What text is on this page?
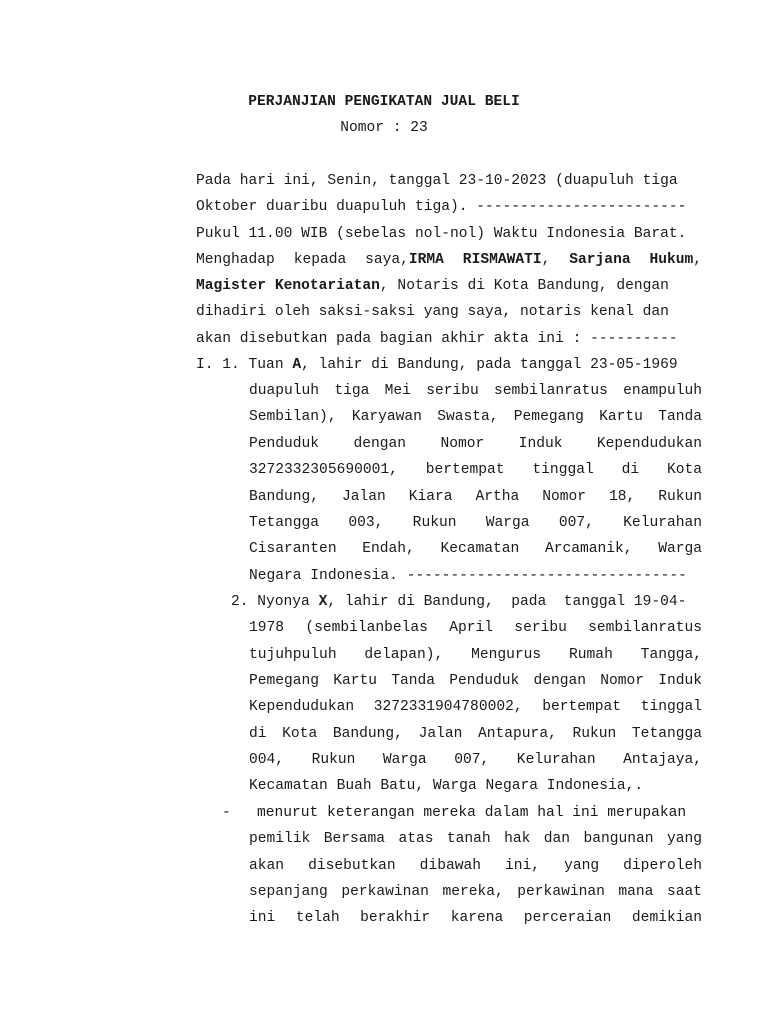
PERJANJIAN PENGIKATAN JUAL BELI
Nomor : 23
Pada hari ini, Senin, tanggal 23-10-2023 (duapuluh tiga
Oktober duaribu duapuluh tiga). ------------------------
Pukul 11.00 WIB (sebelas nol-nol) Waktu Indonesia Barat.
Menghadap kepada saya,IRMA RISMAWATI, Sarjana Hukum,
Magister Kenotariatan, Notaris di Kota Bandung, dengan
dihadiri oleh saksi-saksi yang saya, notaris kenal dan
akan disebutkan pada bagian akhir akta ini : ----------
I. 1. Tuan A, lahir di Bandung, pada tanggal 23-05-1969
duapuluh tiga Mei seribu sembilanratus enampuluh
Sembilan), Karyawan Swasta, Pemegang Kartu Tanda
Penduduk dengan Nomor Induk Kependudukan
3272332305690001, bertempat tinggal di Kota
Bandung, Jalan Kiara Artha Nomor 18, Rukun
Tetangga 003, Rukun Warga 007, Kelurahan
Cisaranten Endah, Kecamatan Arcamanik, Warga
Negara Indonesia. --------------------------------
2. Nyonya X, lahir di Bandung,  pada  tanggal 19-04-
1978 (sembilanbelas April seribu sembilanratus
tujuhpuluh delapan), Mengurus Rumah Tangga,
Pemegang Kartu Tanda Penduduk dengan Nomor Induk
Kependudukan 3272331904780002, bertempat tinggal
di Kota Bandung, Jalan Antapura, Rukun Tetangga
004, Rukun Warga 007, Kelurahan Antajaya,
Kecamatan Buah Batu, Warga Negara Indonesia,.
- menurut keterangan mereka dalam hal ini merupakan
pemilik Bersama atas tanah hak dan bangunan yang
akan disebutkan dibawah ini, yang diperoleh
sepanjang perkawinan mereka, perkawinan mana saat
ini telah berakhir karena perceraian demikian
